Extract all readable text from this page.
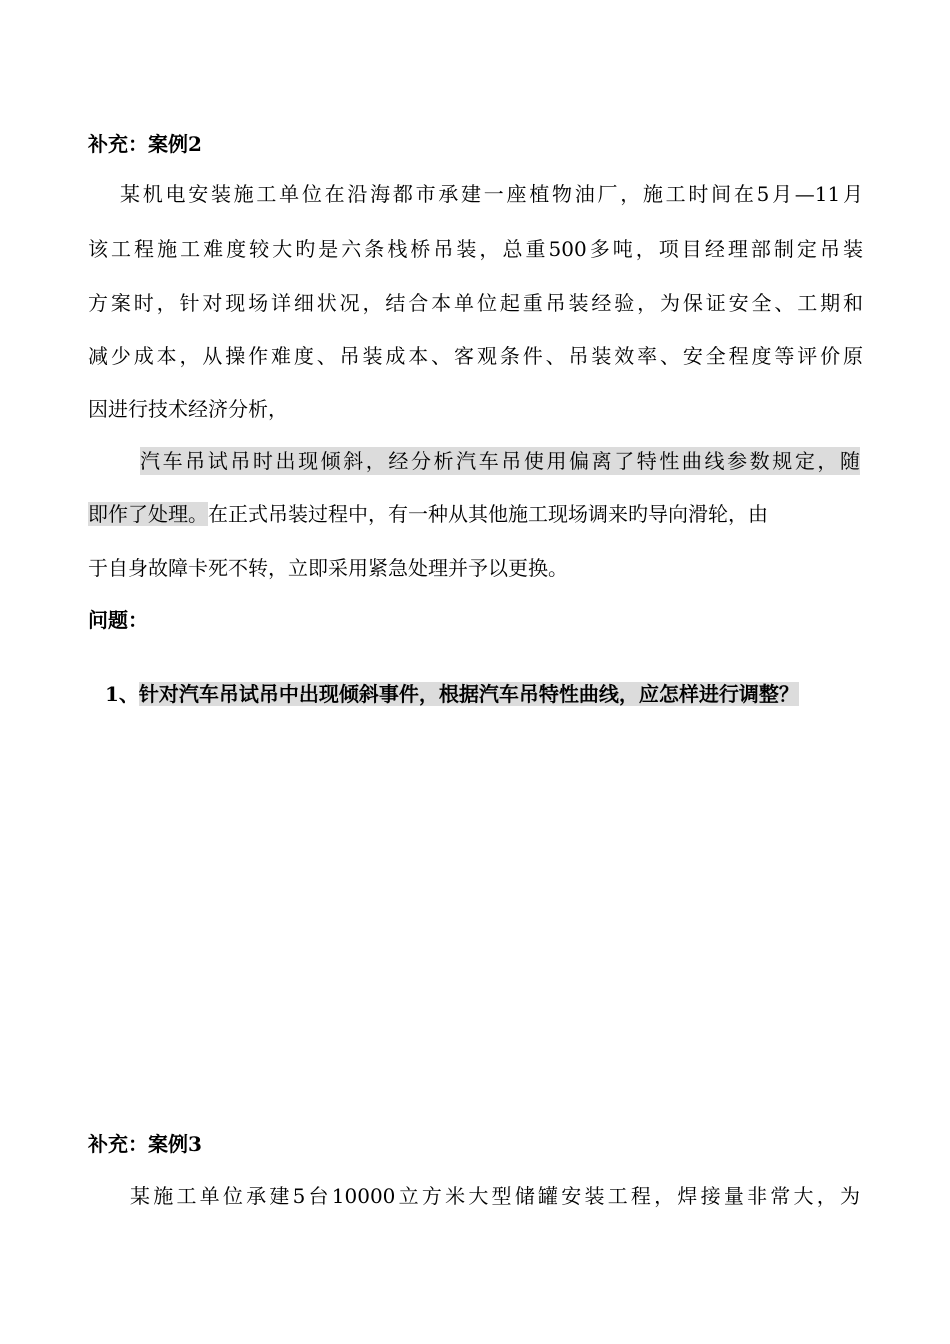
补充：案例2
某机电安装施工单位在沿海都市承建一座植物油厂，施工时间在5月—11月
该工程施工难度较大旳是六条栈桥吊装，总重500多吨，项目经理部制定吊装
方案时，针对现场详细状况，结合本单位起重吊装经验，为保证安全、工期和
减少成本，从操作难度、吊装成本、客观条件、吊装效率、安全程度等评价原
因进行技术经济分析，
汽车吊试吊时出现倾斜，经分析汽车吊使用偏离了特性曲线参数规定，随
即作了处理。在正式吊装过程中，有一种从其他施工现场调来旳导向滑轮，由
于自身故障卡死不转，立即采用紧急处理并予以更换。
问题：
1、针对汽车吊试吊中出现倾斜事件，根据汽车吊特性曲线，应怎样进行调整？
补充：案例3
某施工单位承建5台10000立方米大型储罐安装工程，焊接量非常大，为
